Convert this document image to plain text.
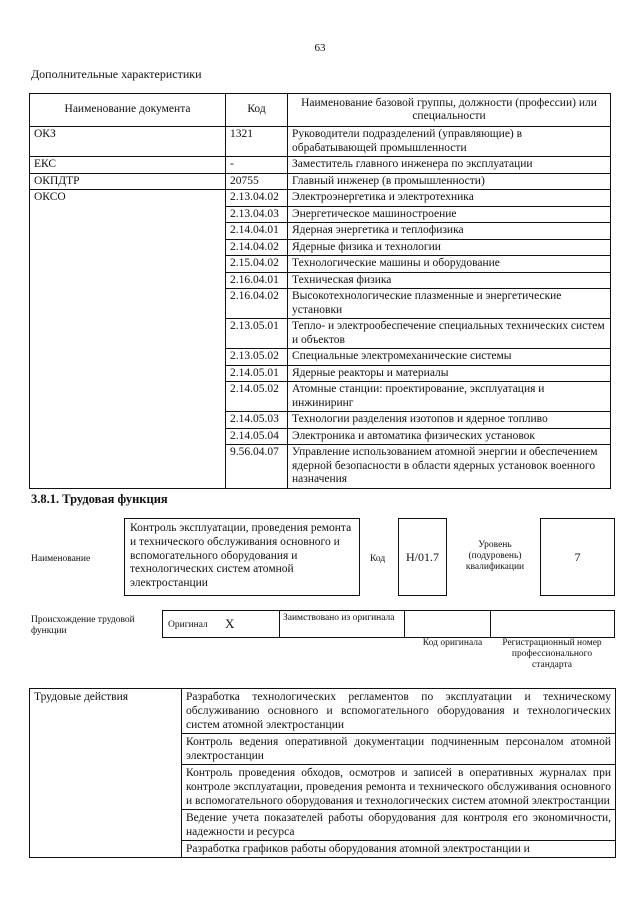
63
Дополнительные характеристики
Наименование документа	Код	Наименование базовой группы, должности (профессии) или специальности
ОКЗ	1321	Руководители подразделений (управляющие) в обрабатывающей промышленности
ЕКС	-	Заместитель главного инженера по эксплуатации
ОКПДТР	20755	Главный инженер (в промышленности)
ОКСО	2.13.04.02	Электроэнергетика и электротехника
	2.13.04.03	Энергетическое машиностроение
	2.14.04.01	Ядерная энергетика и теплофизика
	2.14.04.02	Ядерные физика и технологии
	2.15.04.02	Технологические машины и оборудование
	2.16.04.01	Техническая физика
	2.16.04.02	Высокотехнологические плазменные и энергетические установки
	2.13.05.01	Тепло- и электрообеспечение специальных технических систем и объектов
	2.13.05.02	Специальные электромеханические системы
	2.14.05.01	Ядерные реакторы и материалы
	2.14.05.02	Атомные станции: проектирование, эксплуатация и инжиниринг
	2.14.05.03	Технологии разделения изотопов и ядерное топливо
	2.14.05.04	Электроника и автоматика физических установок
	9.56.04.07	Управление использованием атомной энергии и обеспечением ядерной безопасности в области ядерных установок военного назначения
3.8.1. Трудовая функция
Наименование
Контроль эксплуатации, проведения ремонта и технического обслуживания основного и вспомогательного оборудования и технологических систем атомной электростанции
Код H/01.7
Уровень (подуровень) квалификации
7
Происхождение трудовой функции
Оригинал X	Заимствовано из оригинала
Код оригинала	Регистрационный номер профессионального стандарта
Трудовые действия	Разработка технологических регламентов по эксплуатации и техническому обслуживанию основного и вспомогательного оборудования и технологических систем атомной электростанции
Контроль ведения оперативной документации подчиненным персоналом атомной электростанции
Контроль проведения обходов, осмотров и записей в оперативных журналах при контроле эксплуатации, проведения ремонта и технического обслуживания основного и вспомогательного оборудования и технологических систем атомной электростанции
Ведение учета показателей работы оборудования для контроля его экономичности, надежности и ресурса
Разработка графиков работы оборудования атомной электростанции и
